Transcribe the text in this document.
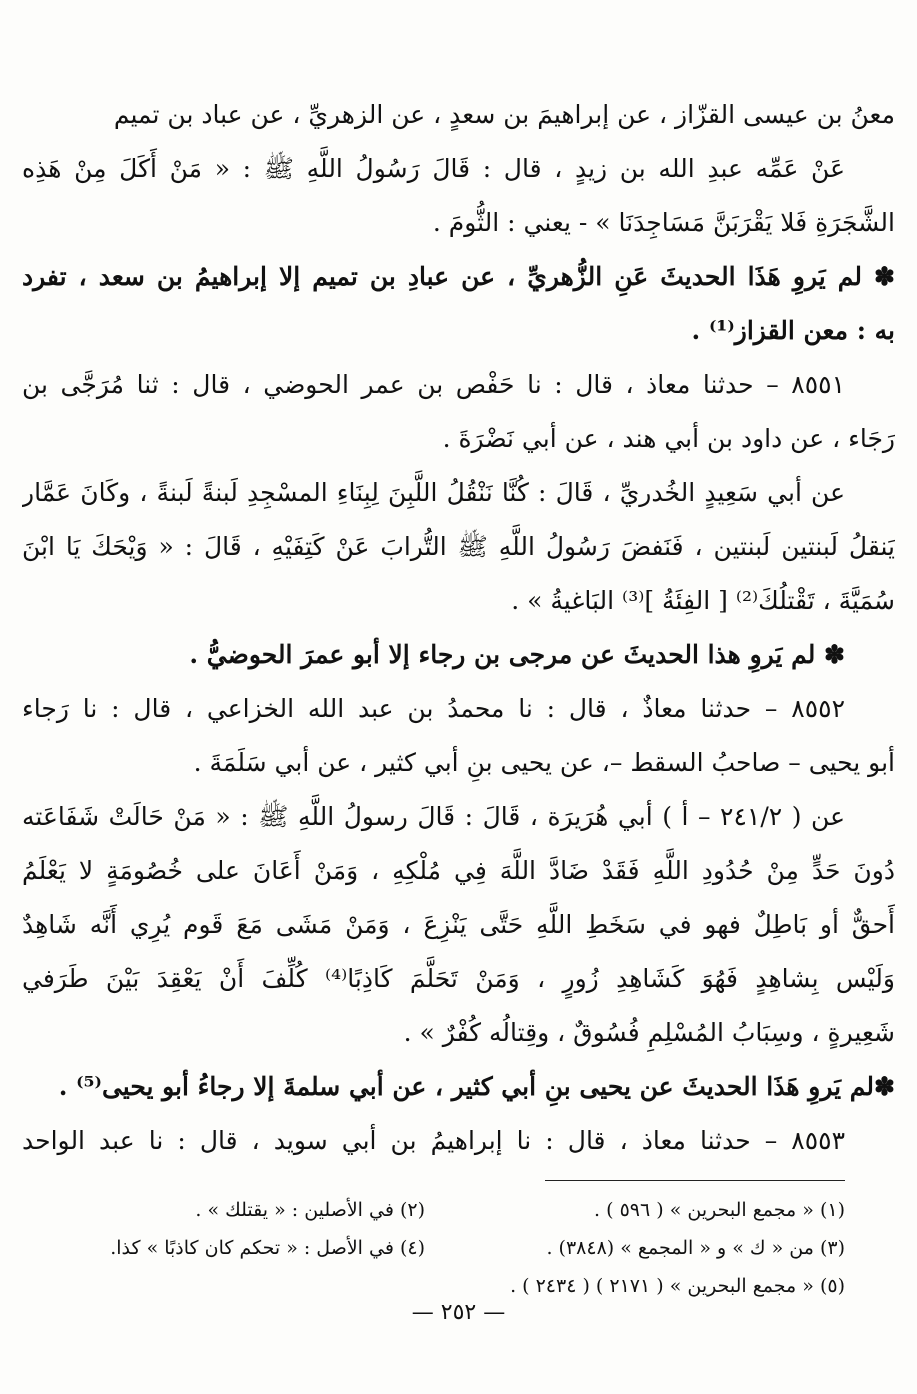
معنُ بن عيسى القزّاز ، عن إبراهيمَ بن سعدٍ ، عن الزهريِّ ، عن عباد بن تميم
عَنْ عَمِّه عبدِ الله بن زيدٍ ، قال : قَالَ رَسُولُ اللَّهِ ﷺ : « مَنْ أَكَلَ مِنْ هَذِه
الشَّجَرَةِ فَلا يَقْرَبَنَّ مَسَاجِدَنَا » - يعني : الثُّومَ .
✽ لم يَروِ هَذَا الحديثَ عَنِ الزُّهريِّ ، عن عبادِ بن تميم إلا إبراهيمُ بن سعد ، تفرد
به : معن القزاز⁽¹⁾ .
٨٥٥١ – حدثنا معاذ ، قال : نا حَفْص بن عمر الحوضي ، قال : ثنا مُرَجَّى بن
رَجَاء ، عن داود بن أبي هند ، عن أبي نَضْرَةَ .
عن أبي سَعِيدٍ الخُدريِّ ، قَالَ : كُنَّا نَنْقُلُ اللَّبِنَ لِبِنَاءِ المسْجِدِ لَبنةً لَبنةً ، وكَانَ عَمَّار
يَنقلُ لَبنتين لَبنتين ، فَنَفضَ رَسُولُ اللَّهِ ﷺ التُّرابَ عَنْ كَتِفَيْهِ ، قَالَ : « وَيْحَكَ يَا ابْنَ
سُمَيَّةَ ، تَقْتلُكَ⁽²⁾ [ الفِئَةُ ]⁽³⁾ البَاغيةُ » .
✽ لم يَروِ هذا الحديثَ عن مرجى بن رجاء إلا أبو عمرَ الحوضيُّ .
٨٥٥٢ – حدثنا معاذٌ ، قال : نا محمدُ بن عبد الله الخزاعي ، قال : نا رَجاء
أبو يحيى – صاحبُ السقط –، عن يحيى بنِ أبي كثير ، عن أبي سَلَمَةَ .
عن ( ٢٤١/٢ – أ ) أبي هُرَيرَة ، قَالَ : قَالَ رسولُ اللَّهِ ﷺ : « مَنْ حَالَتْ شَفَاعَته
دُونَ حَدٍّ مِنْ حُدُودِ اللَّهِ فَقَدْ ضَادَّ اللَّهَ فِي مُلْكِهِ ، وَمَنْ أَعَانَ على خُصُومَةٍ لا يَعْلَمُ
أَحقٌّ أو بَاطِلٌ فهو في سَخَطِ اللَّهِ حَتَّى يَنْزِعَ ، وَمَنْ مَشَى مَعَ قَوم يُرِي أَنَّه شَاهِدٌ
وَلَيْس بِشاهِدٍ فَهُوَ كَشَاهِدِ زُورٍ ، وَمَنْ تَحَلَّمَ كَاذِبًا⁽⁴⁾ كُلِّفَ أَنْ يَعْقِدَ بَيْنَ طَرَفي
شَعِيرةٍ ، وسِبَابُ المُسْلِمِ فُسُوقٌ ، وقِتالُه كُفْرٌ » .
✽لم يَروِ هَذَا الحديثَ عن يحيى بنِ أبي كثير ، عن أبي سلمةَ إلا رجاءُ أبو يحيى⁽⁵⁾ .
٨٥٥٣ – حدثنا معاذ ، قال : نا إبراهيمُ بن أبي سويد ، قال : نا عبد الواحد
(١) « مجمع البحرين » ( ٥٩٦ ) .
(٢) في الأصلين : « يقتلك » .
(٣) من « ك » و « المجمع » (٣٨٤٨) .
(٤) في الأصل : « تحكم كان كاذبًا » كذا.
(٥) « مجمع البحرين » ( ٢١٧١ ) ( ٢٤٣٤ ) .
— ٢٥٢ —
